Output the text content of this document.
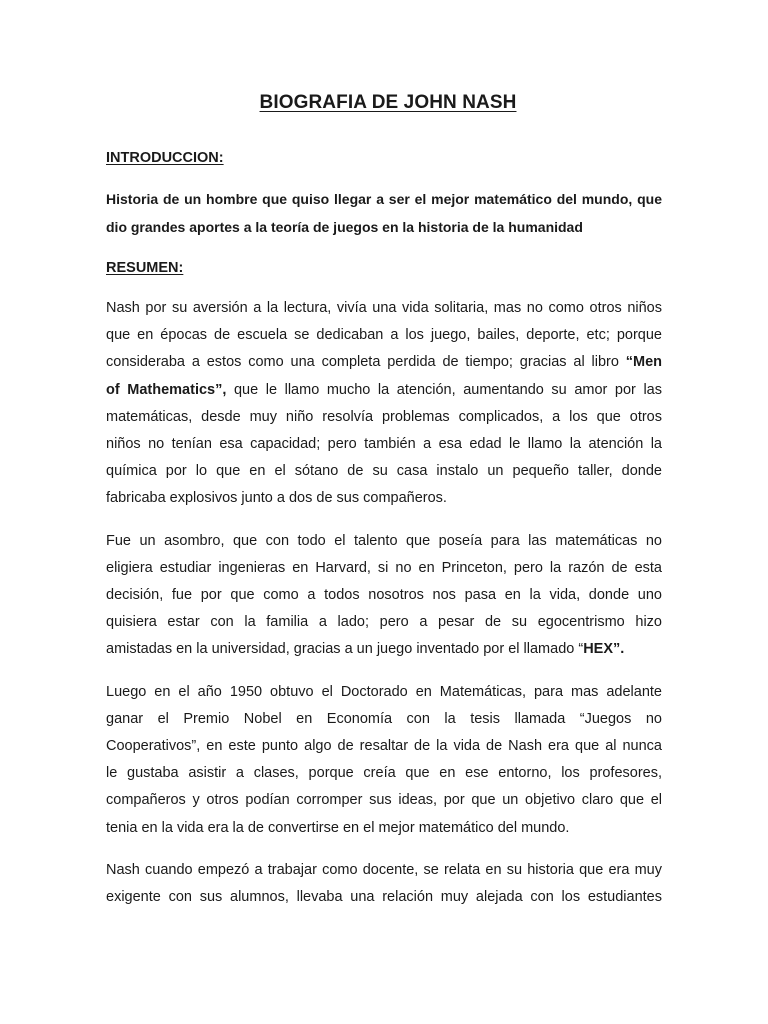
BIOGRAFIA DE JOHN NASH
INTRODUCCION:
Historia de un hombre que quiso llegar a ser el mejor matemático del mundo, que
dio grandes aportes a la teoría de juegos en la historia de la humanidad
RESUMEN:
Nash por su aversión a la lectura, vivía una vida solitaria, mas no como otros niños
que en épocas de escuela se dedicaban a los juego, bailes, deporte, etc; porque
consideraba a estos como una completa perdida de tiempo; gracias al libro “Men
of Mathematics”, que le llamo mucho la atención, aumentando su amor por las
matemáticas, desde muy niño resolvía problemas complicados, a los que otros
niños no tenían esa capacidad; pero también a esa edad le llamo la atención la
química por lo que en el sótano de su casa instalo un pequeño taller, donde
fabricaba explosivos junto a dos de sus compañeros.
Fue un asombro, que con todo el talento que poseía para las matemáticas no
eligiera estudiar ingenieras en Harvard, si no en Princeton, pero la razón de esta
decisión, fue por que como a todos nosotros nos pasa en la vida, donde uno
quisiera estar con la familia a lado; pero a pesar de su egocentrismo hizo
amistadas en la universidad, gracias a un juego inventado por el llamado “HEX”.
Luego en el año 1950 obtuvo el Doctorado en Matemáticas, para mas adelante
ganar el Premio Nobel en Economía con la tesis llamada “Juegos no
Cooperativos”, en este punto algo de resaltar de la vida de Nash era que al nunca
le gustaba asistir a clases, porque creía que en ese entorno, los profesores,
compañeros y otros podían corromper sus ideas, por que un objetivo claro que el
tenia en la vida era la de convertirse en el mejor matemático del mundo.
Nash cuando empezó a trabajar como docente, se relata en su historia que era muy
exigente con sus alumnos, llevaba una relación muy alejada con los estudiantes
